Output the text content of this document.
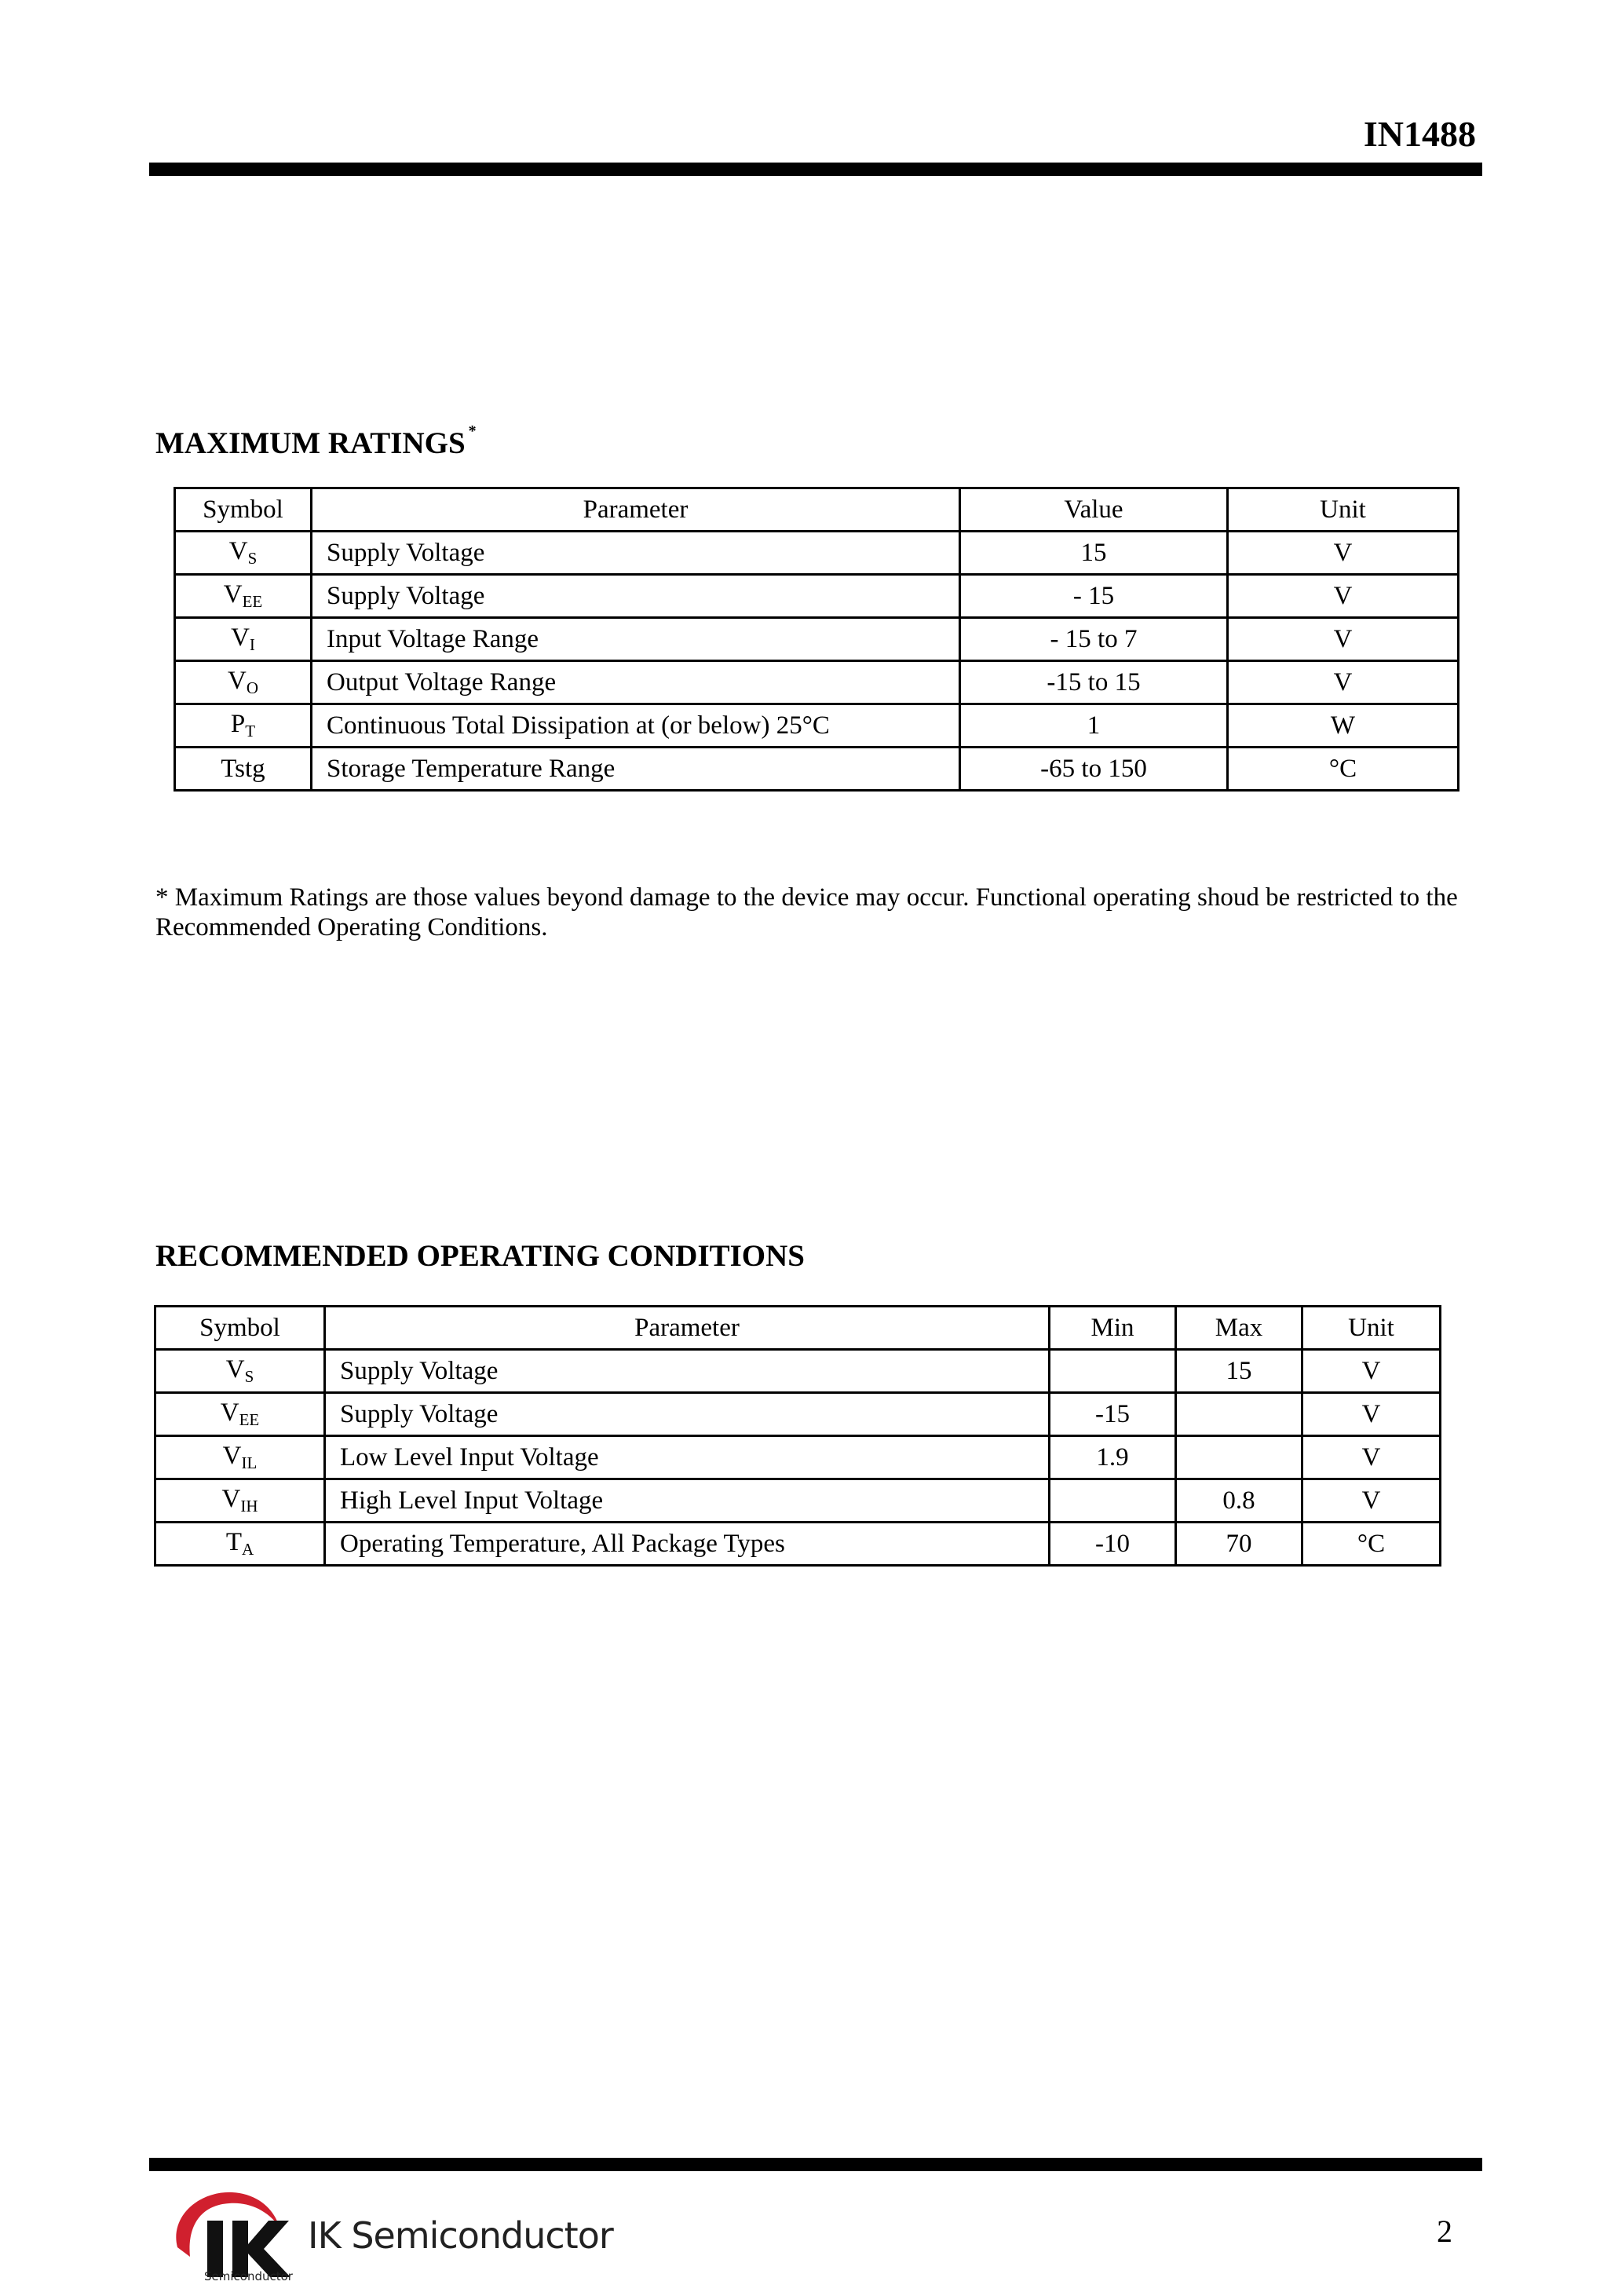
IN1488
MAXIMUM RATINGS *
Symbol	Parameter	Value	Unit
$V_S$	Supply Voltage	15	V
$V_{EE}$	Supply Voltage	- 15	V
$V_I$	Input Voltage Range	- 15 to 7	V
$V_O$	Output Voltage Range	-15 to 15	V
$P_T$	Continuous Total Dissipation at (or below) 25°C	1	W
Tstg	Storage Temperature Range	-65 to 150	°C
* Maximum Ratings are those values beyond damage to the device may occur. Functional operating shoud be restricted to the Recommended Operating Conditions.
RECOMMENDED OPERATING CONDITIONS
Symbol	Parameter	Min	Max	Unit
$V_S$	Supply Voltage		15	V
$V_{EE}$	Supply Voltage	-15		V
$V_{IL}$	Low Level Input Voltage	1.9		V
$V_{IH}$	High Level Input Voltage		0.8	V
$T_A$	Operating Temperature, All Package Types	-10	70	°C
IK Semiconductor
Semiconductor
2
